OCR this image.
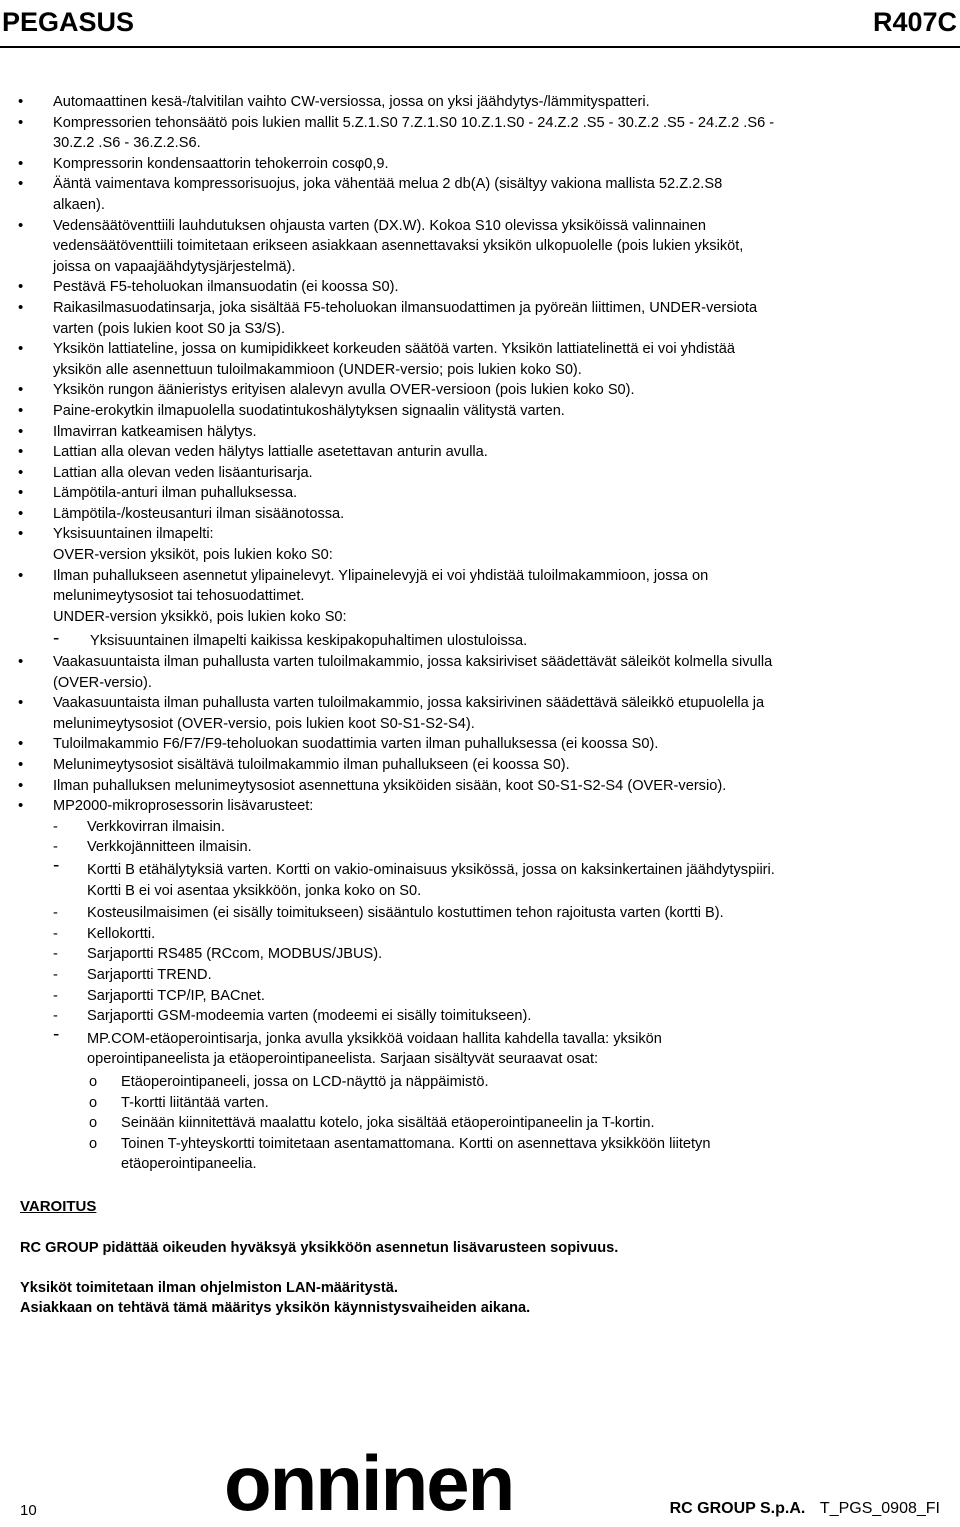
PEGASUS	R407C
• Automaattinen kesä-/talvitilan vaihto CW-versiossa, jossa on yksi jäähdytys-/lämmityspatteri.
• Kompressorien tehonsäätö pois lukien mallit 5.Z.1.S0 7.Z.1.S0 10.Z.1.S0 - 24.Z.2 .S5 - 30.Z.2 .S5 - 24.Z.2 .S6 -
30.Z.2 .S6 - 36.Z.2.S6.
• Kompressorin kondensaattorin tehokerroin cosφ0,9.
• Ääntä vaimentava kompressorisuojus, joka vähentää melua 2 db(A) (sisältyy vakiona mallista 52.Z.2.S8
alkaen).
• Vedensäätöventtiili lauhdutuksen ohjausta varten (DX.W). Kokoa S10 olevissa yksiköissä valinnainen
vedensäätöventtiili toimitetaan erikseen asiakkaan asennettavaksi yksikön ulkopuolelle (pois lukien yksiköt,
joissa on vapaajäähdytysjärjestelmä).
• Pestävä F5-teholuokan ilmansuodatin (ei koossa S0).
• Raikasilmasuodatinsarja, joka sisältää F5-teholuokan ilmansuodattimen ja pyöreän liittimen, UNDER-versiota
varten (pois lukien koot S0 ja S3/S).
• Yksikön lattiateline, jossa on kumipidikkeet korkeuden säätöä varten. Yksikön lattiatelinettä ei voi yhdistää
yksikön alle asennettuun tuloilmakammioon (UNDER-versio; pois lukien koko S0).
• Yksikön rungon äänieristys erityisen alalevyn avulla OVER-versioon (pois lukien koko S0).
• Paine-erokytkin ilmapuolella suodatintukoshälytyksen signaalin välitystä varten.
• Ilmavirran katkeamisen hälytys.
• Lattian alla olevan veden hälytys lattialle asetettavan anturin avulla.
• Lattian alla olevan veden lisäanturisarja.
• Lämpötila-anturi ilman puhalluksessa.
• Lämpötila-/kosteusanturi ilman sisäänotossa.
• Yksisuuntainen ilmapelti:
OVER-version yksiköt, pois lukien koko S0:
• Ilman puhallukseen asennetut ylipainelevyt. Ylipainelevyjä ei voi yhdistää tuloilmakammioon, jossa on
melunimeytysosiot tai tehosuodattimet.
UNDER-version yksikkö, pois lukien koko S0:
- Yksisuuntainen ilmapelti kaikissa keskipakopuhaltimen ulostuloissa.
• Vaakasuuntaista ilman puhallusta varten tuloilmakammio, jossa kaksiriviset säädettävät säleiköt kolmella sivulla
(OVER-versio).
• Vaakasuuntaista ilman puhallusta varten tuloilmakammio, jossa kaksirivinen säädettävä säleikkö etupuolella ja
melunimeytysosiot (OVER-versio, pois lukien koot S0-S1-S2-S4).
• Tuloilmakammio F6/F7/F9-teholuokan suodattimia varten ilman puhalluksessa (ei koossa S0).
• Melunimeytysosiot sisältävä tuloilmakammio ilman puhallukseen (ei koossa S0).
• Ilman puhalluksen melunimeytysosiot asennettuna yksiköiden sisään, koot S0-S1-S2-S4 (OVER-versio).
• MP2000-mikroprosessorin lisävarusteet:
- Verkkovirran ilmaisin.
- Verkkojännitteen ilmaisin.
- Kortti B etähälytyksiä varten. Kortti on vakio-ominaisuus yksikössä, jossa on kaksinkertainen jäähdytyspiiri.
Kortti B ei voi asentaa yksikköön, jonka koko on S0.
- Kosteusilmaisimen (ei sisälly toimitukseen) sisääntulo kostuttimen tehon rajoitusta varten (kortti B).
- Kellokortti.
- Sarjaportti RS485 (RCcom, MODBUS/JBUS).
- Sarjaportti TREND.
- Sarjaportti TCP/IP, BACnet.
- Sarjaportti GSM-modeemia varten (modeemi ei sisälly toimitukseen).
- MP.COM-etäoperointisarja, jonka avulla yksikköä voidaan hallita kahdella tavalla: yksikön
operointipaneelista ja etäoperointipaneelista. Sarjaan sisältyvät seuraavat osat:
o Etäoperointipaneeli, jossa on LCD-näyttö ja näppäimistö.
o T-kortti liitäntää varten.
o Seinään kiinnitettävä maalattu kotelo, joka sisältää etäoperointipaneelin ja T-kortin.
o Toinen T-yhteyskortti toimitetaan asentamattomana. Kortti on asennettava yksikköön liitetyn
etäoperointipaneelia.
VAROITUS
RC GROUP pidättää oikeuden hyväksyä yksikköön asennetun lisävarusteen sopivuus.
Yksiköt toimitetaan ilman ohjelmiston LAN-määritystä.
Asiakkaan on tehtävä tämä määritys yksikön käynnistysvaiheiden aikana.
10 onninen	RC GROUP S.p.A. T_PGS_0908_FI
